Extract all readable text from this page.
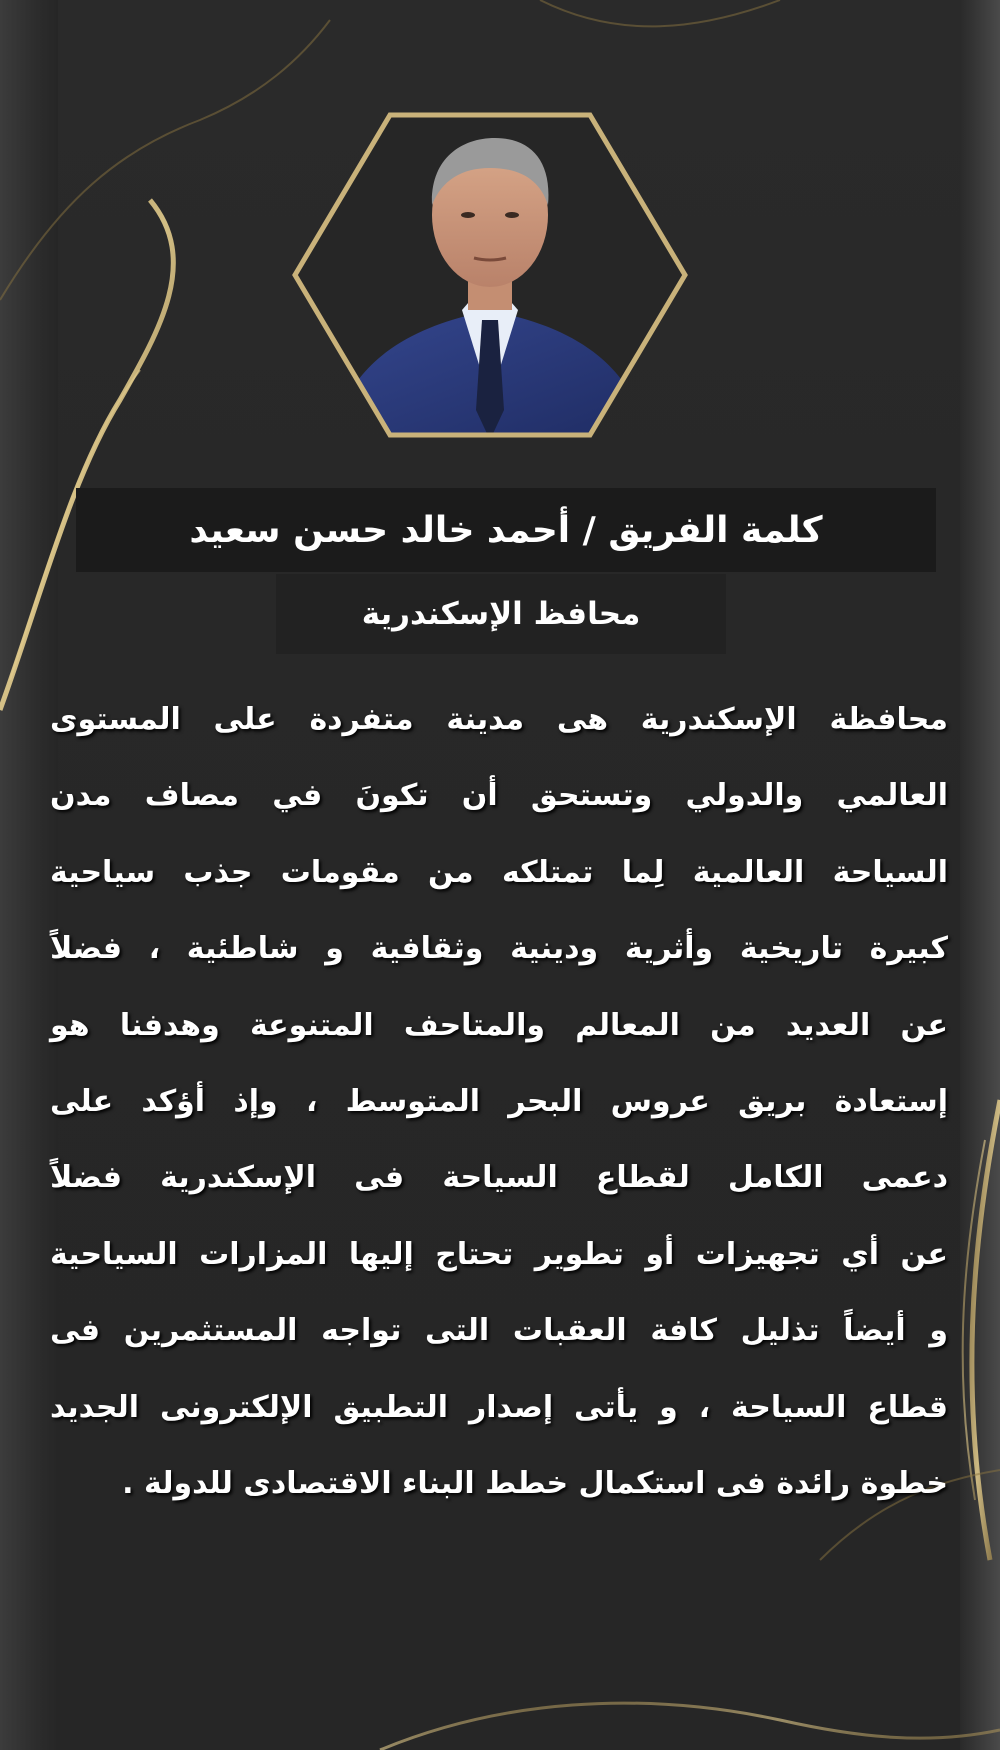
كلمة الفريق / أحمد خالد حسن سعيد
محافظ الإسكندرية
محافظة الإسكندرية هى مدينة متفردة على المستوى
العالمي والدولي وتستحق أن تكونَ في مصاف مدن
السياحة العالمية لِما تمتلكه من مقومات جذب سياحية
كبيرة تاريخية وأثرية ودينية وثقافية و شاطئية ، فضلاً
عن العديد من المعالم والمتاحف المتنوعة وهدفنا هو
إستعادة بريق عروس البحر المتوسط ، وإذ أؤكد على
دعمى الكامل لقطاع السياحة فى الإسكندرية فضلاً
عن أي تجهيزات أو تطوير تحتاج إليها المزارات السياحية
و أيضاً تذليل كافة العقبات التى تواجه المستثمرين فى
قطاع السياحة ، و يأتى إصدار التطبيق الإلكترونى الجديد
خطوة رائدة فى استكمال خطط البناء الاقتصادى للدولة .
